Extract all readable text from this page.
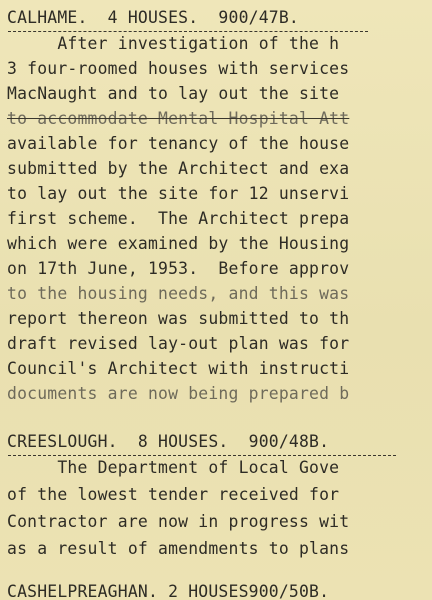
CALHAME.  4 HOUSES.  900/47B.

After investigation of the h

3 four-roomed houses with services

MacNaught and to lay out the site

to accommodate Mental Hospital Att

available for tenancy of the house

submitted by the Architect and exa

to lay out the site for 12 unservi

first scheme.  The Architect prepa

which were examined by the Housing

on 17th June, 1953.  Before approv

to the housing needs, and this was

report thereon was submitted to th

draft revised lay-out plan was for

Council's Architect with instructi

documents are now being prepared b

CREESLOUGH.  8 HOUSES.  900/48B.

The Department of Local Gove

of the lowest tender received for

Contractor are now in progress wit

as a result of amendments to plans

CASHELPREAGHAN. 2 HOUSES900/50B.
